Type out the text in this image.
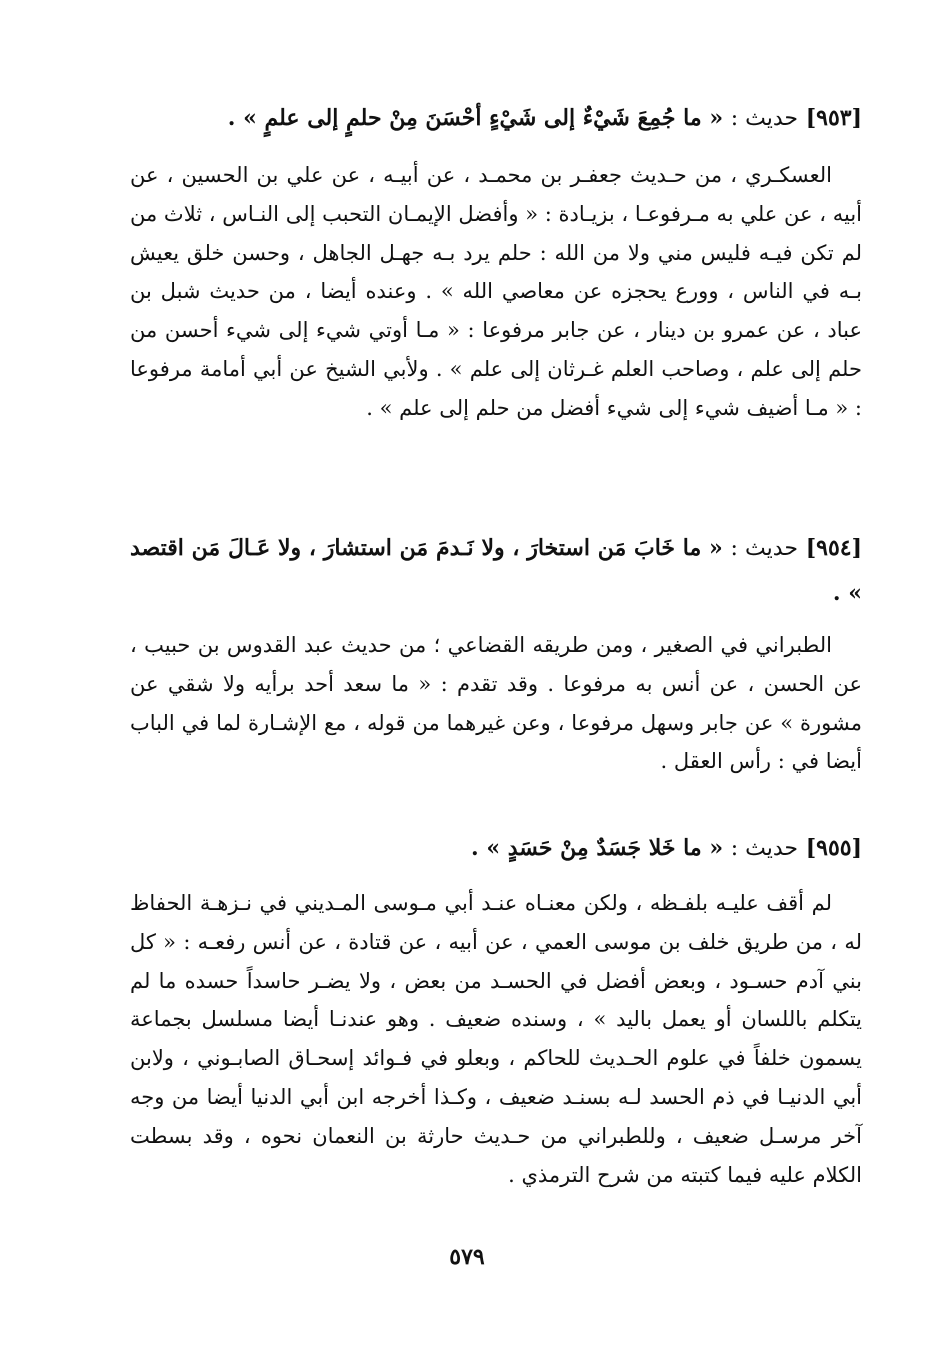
[٩٥٣] حديث : « ما جُمِعَ شَيْءٌ إلى شَيْءٍ أحْسَنَ مِنْ حلمٍ إلى علمٍ » .

العسكـري ، من حـديث جعفـر بن محمـد ، عن أبيـه ، عن علي بن الحسين ، عن أبيه ، عن علي به مـرفوعـا ، بزيـادة : « وأفضل الإيمـان التحبب إلى النـاس ، ثلاث من لم تكن فيـه فليس مني ولا من الله : حلم يرد بـه جهـل الجاهل ، وحسن خلق يعيش بـه في الناس ، وورع يحجزه عن معاصي الله » . وعنده أيضا ، من حديث شبل بن عباد ، عن عمرو بن دينار ، عن جابر مرفوعا : « مـا أوتي شيء إلى شيء أحسن من حلم إلى علم ، وصاحب العلم غـرثان إلى علم » . ولأبي الشيخ عن أبي أمامة مرفوعا : « مـا أضيف شيء إلى شيء أفضل من حلم إلى علم » .

[٩٥٤] حديث : « ما خَابَ مَن استخارَ ، ولا نَـدمَ مَن استشارَ ، ولا عَـالَ مَن اقتصد » .

الطبراني في الصغير ، ومن طريقه القضاعي ؛ من حديث عبد القدوس بن حبيب ، عن الحسن ، عن أنس به مرفوعا . وقد تقدم : « ما سعد أحد برأيه ولا شقي عن مشورة » عن جابر وسهل مرفوعا ، وعن غيرهما من قوله ، مع الإشـارة لما في الباب أيضا في : رأس العقل .

[٩٥٥] حديث : « ما خَلا جَسَدٌ مِنْ حَسَدٍ » .

لم أقف عليـه بلفـظه ، ولكن معنـاه عنـد أبي مـوسى المـديني في نـزهـة الحفاظ له ، من طريق خلف بن موسى العمي ، عن أبيه ، عن قتادة ، عن أنس رفعـه : « كل بني آدم حسـود ، وبعض أفضل في الحسـد من بعض ، ولا يضـر حاسداً حسده ما لم يتكلم باللسان أو يعمل باليد » ، وسنده ضعيف . وهو عندنـا أيضا مسلسل بجماعة يسمون خلفاً في علوم الحـديث للحاكم ، وبعلو في فـوائد إسحـاق الصابـوني ، ولابن أبي الدنيـا في ذم الحسد لـه بسنـد ضعيف ، وكـذا أخرجه ابن أبي الدنيا أيضا من وجه آخر مرسـل ضعيف ، وللطبراني من حـديث حارثة بن النعمان نحوه ، وقد بسطت الكلام عليه فيما كتبته من شرح الترمذي .

٥٧٩
